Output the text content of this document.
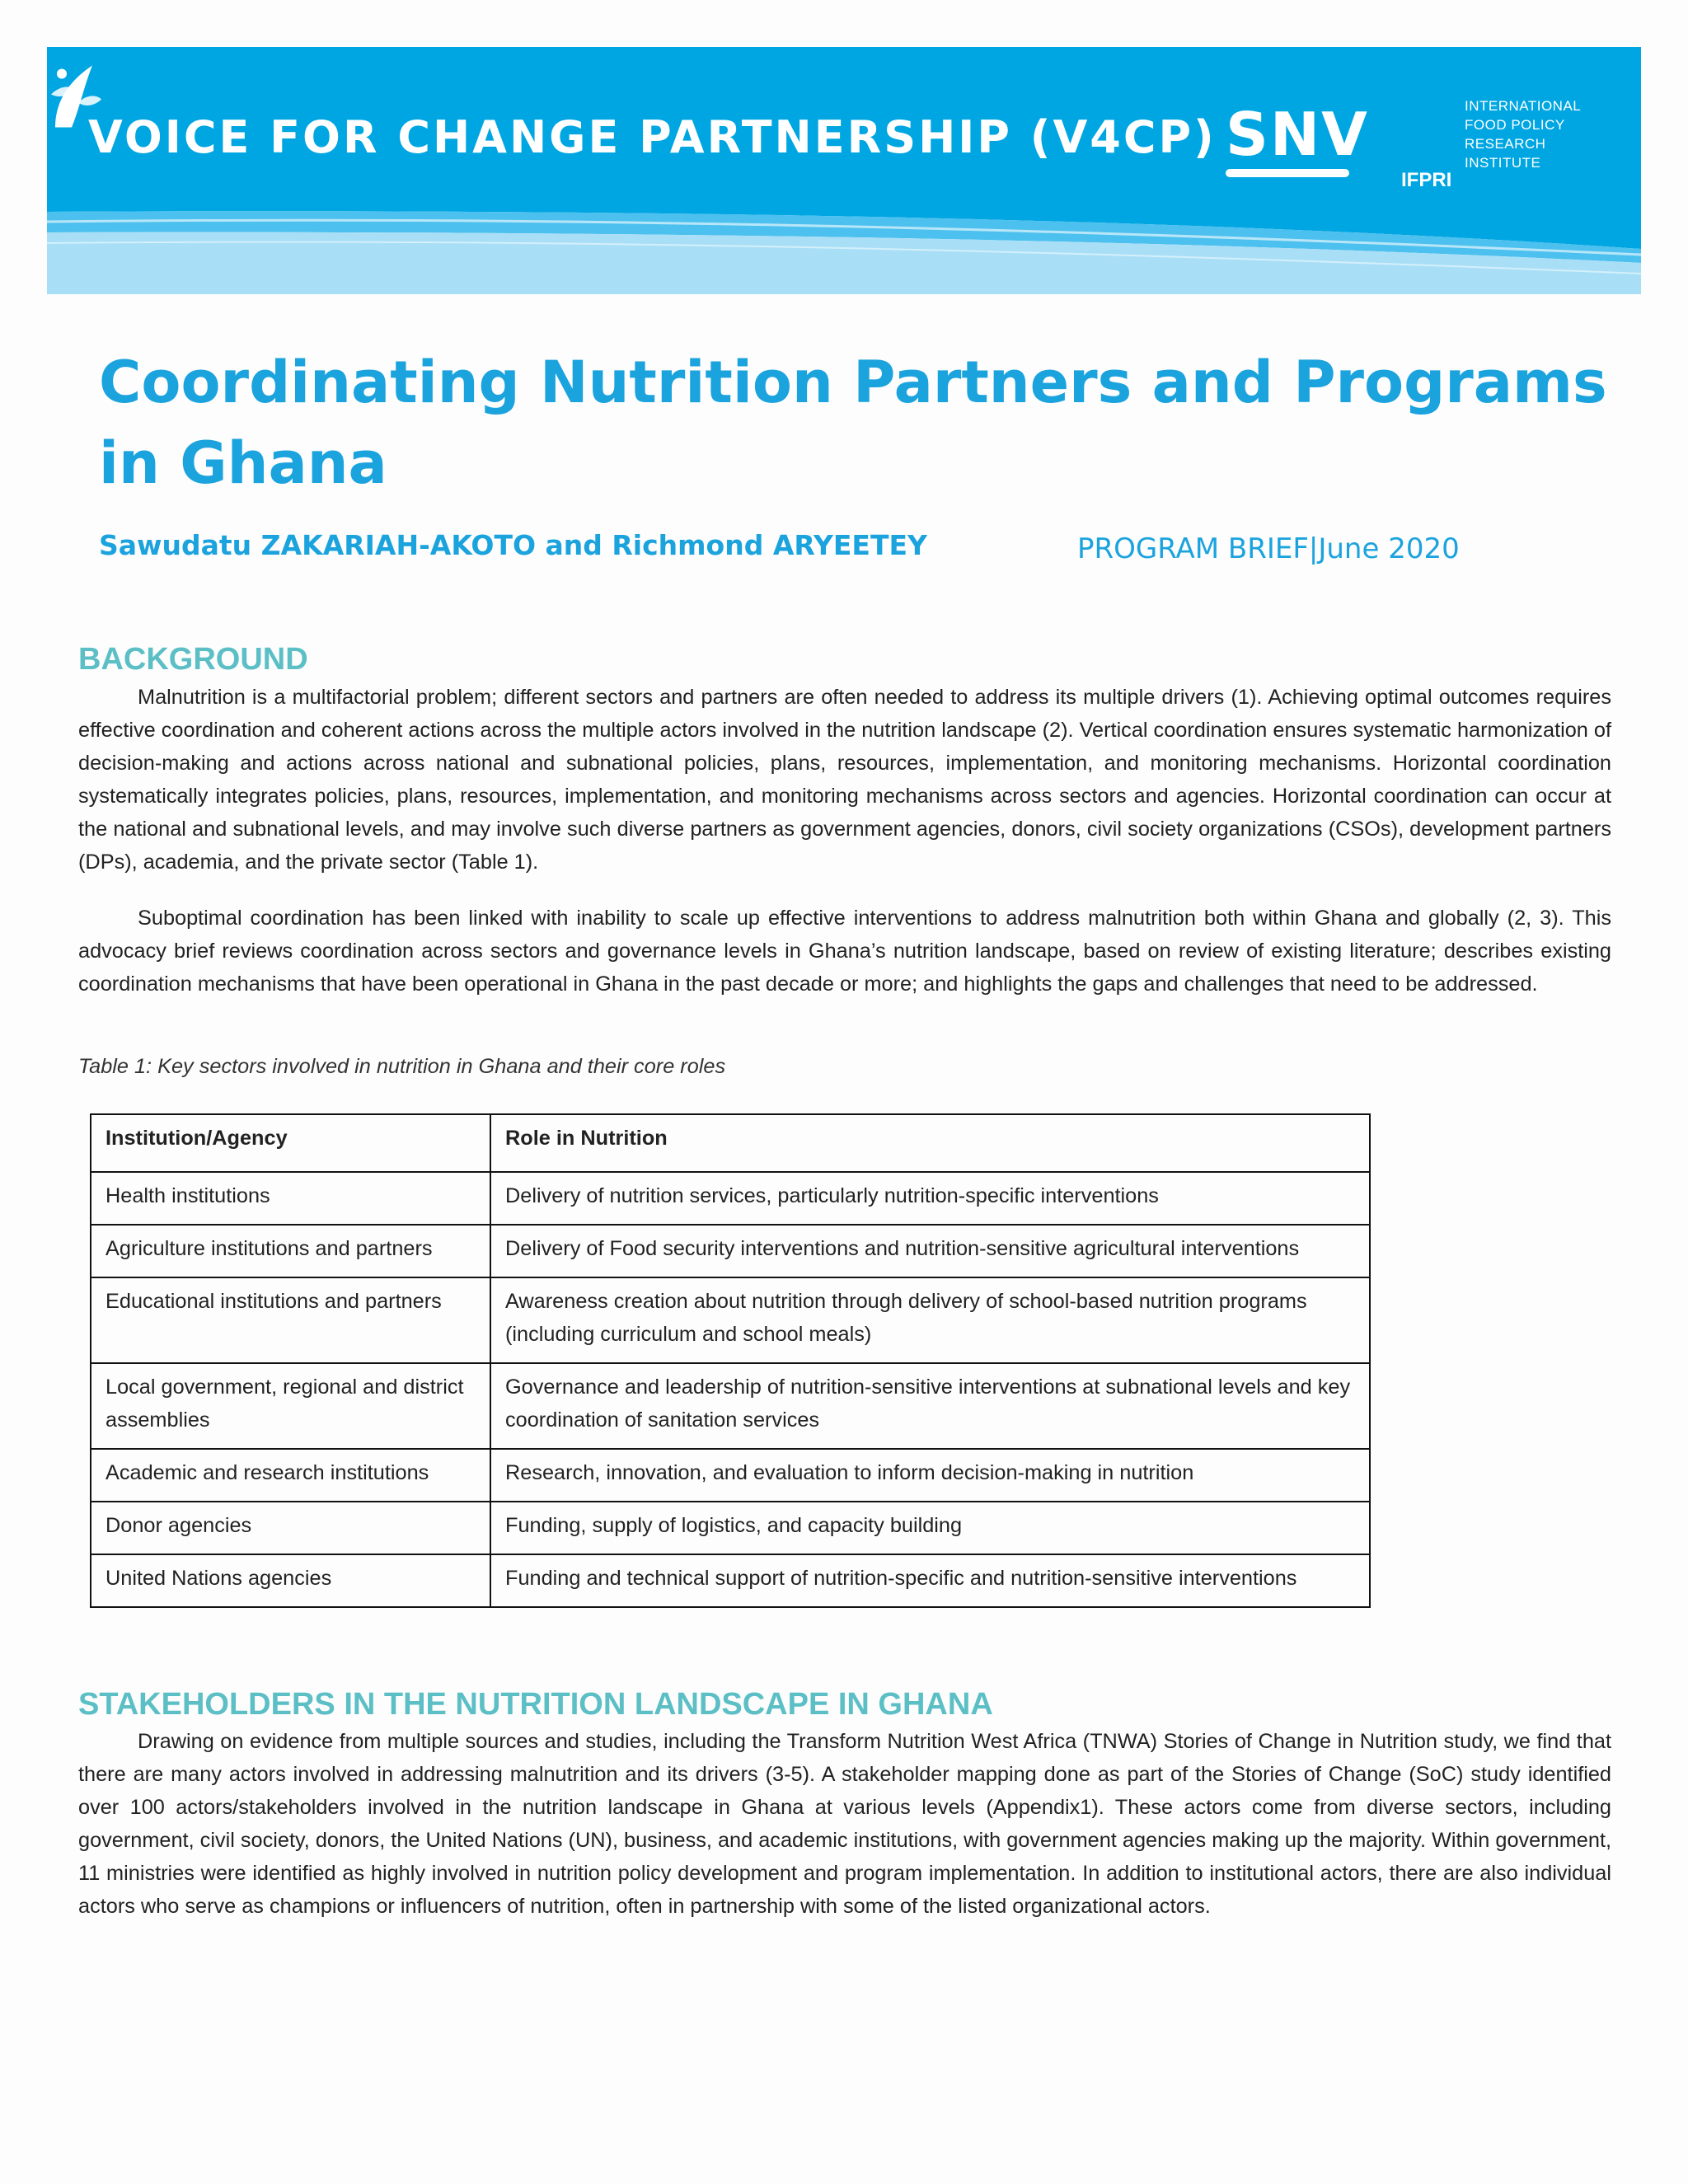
VOICE FOR CHANGE PARTNERSHIP (V4CP) SNV
IFPRI
INTERNATIONAL
FOOD POLICY
RESEARCH
INSTITUTE
Coordinating Nutrition Partners and Programs in Ghana
Sawudatu ZAKARIAH-AKOTO and Richmond ARYEETEY	PROGRAM BRIEF|June 2020
BACKGROUND

Malnutrition is a multifactorial problem; different sectors and partners are often needed to address its multiple drivers (1). Achieving optimal outcomes requires effective coordination and coherent actions across the multiple actors involved in the nutrition landscape (2). Vertical coordination ensures systematic harmonization of decision-making and actions across national and subnational policies, plans, resources, implementation, and monitoring mechanisms. Horizontal coordination systematically integrates policies, plans, resources, implementation, and monitoring mechanisms across sectors and agencies. Horizontal coordination can occur at the national and subnational levels, and may involve such diverse partners as government agencies, donors, civil society organizations (CSOs), development partners (DPs), academia, and the private sector (Table 1).

Suboptimal coordination has been linked with inability to scale up effective interventions to address malnutrition both within Ghana and globally (2, 3). This advocacy brief reviews coordination across sectors and governance levels in Ghana’s nutrition landscape, based on review of existing literature; describes existing coordination mechanisms that have been operational in Ghana in the past decade or more; and highlights the gaps and challenges that need to be addressed.

Table 1: Key sectors involved in nutrition in Ghana and their core roles
Institution/Agency	Role in Nutrition
Health institutions	Delivery of nutrition services, particularly nutrition-specific interventions
Agriculture institutions and partners	Delivery of Food security interventions and nutrition-sensitive agricultural interventions
Educational institutions and partners	Awareness creation about nutrition through delivery of school-based nutrition programs (including curriculum and school meals)
Local government, regional and district assemblies	Governance and leadership of nutrition-sensitive interventions at subnational levels and key coordination of sanitation services
Academic and research institutions	Research, innovation, and evaluation to inform decision-making in nutrition
Donor agencies	Funding, supply of logistics, and capacity building
United Nations agencies	Funding and technical support of nutrition-specific and nutrition-sensitive interventions
STAKEHOLDERS IN THE NUTRITION LANDSCAPE IN GHANA

Drawing on evidence from multiple sources and studies, including the Transform Nutrition West Africa (TNWA) Stories of Change in Nutrition study, we find that there are many actors involved in addressing malnutrition and its drivers (3-5). A stakeholder mapping done as part of the Stories of Change (SoC) study identified over 100 actors/stakeholders involved in the nutrition landscape in Ghana at various levels (Appendix1). These actors come from diverse sectors, including government, civil society, donors, the United Nations (UN), business, and academic institutions, with government agencies making up the majority. Within government, 11 ministries were identified as highly involved in nutrition policy development and program implementation. In addition to institutional actors, there are also individual actors who serve as champions or influencers of nutrition, often in partnership with some of the listed organizational actors.
